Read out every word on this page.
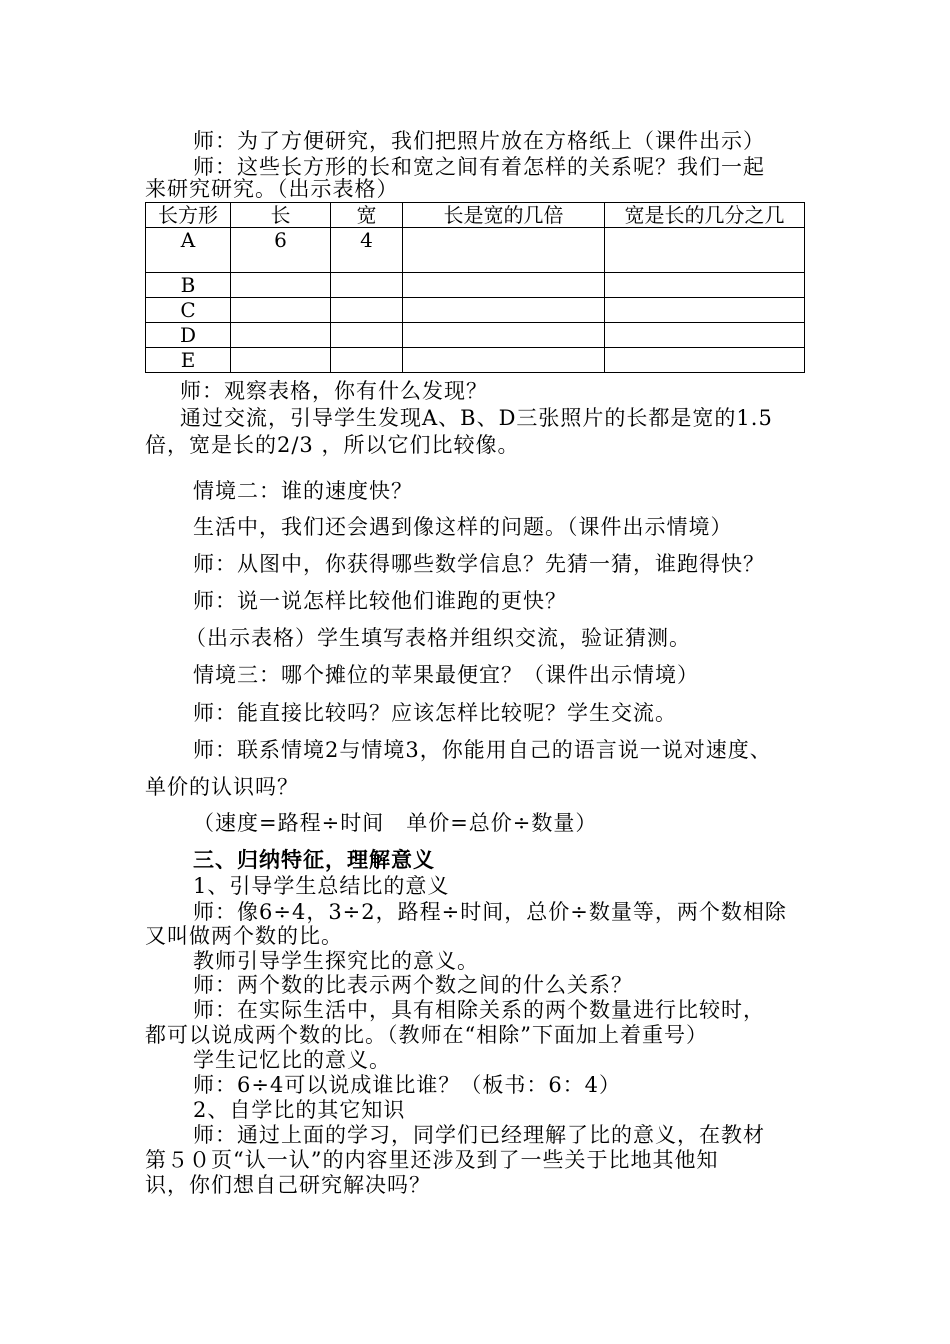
师：为了方便研究，我们把照片放在方格纸上（课件出示）
师：这些长方形的长和宽之间有着怎样的关系呢？我们一起
来研究研究。（出示表格）
长方形	长	宽	长是宽的几倍	宽是长的几分之几
A	6	4		
B				
C				
D				
E				
师：观察表格，你有什么发现？
通过交流，引导学生发现A、B、D三张照片的长都是宽的1.5
倍，宽是长的2/3 ，所以它们比较像。
情境二：谁的速度快？
生活中，我们还会遇到像这样的问题。（课件出示情境）
师：从图中，你获得哪些数学信息？先猜一猜，谁跑得快？
师：说一说怎样比较他们谁跑的更快？
（出示表格）学生填写表格并组织交流，验证猜测。
情境三：哪个摊位的苹果最便宜？（课件出示情境）
师：能直接比较吗？应该怎样比较呢？学生交流。
师：联系情境2与情境3，你能用自己的语言说一说对速度、
单价的认识吗？
（速度=路程÷时间　单价=总价÷数量）
三、归纳特征，理解意义
1、引导学生总结比的意义
师：像6÷4，3÷2，路程÷时间，总价÷数量等，两个数相除
又叫做两个数的比。
教师引导学生探究比的意义。
师：两个数的比表示两个数之间的什么关系？
师：在实际生活中，具有相除关系的两个数量进行比较时，
都可以说成两个数的比。（教师在“相除”下面加上着重号）
学生记忆比的意义。
师：6÷4可以说成谁比谁？（板书：6：4）
2、自学比的其它知识
师：通过上面的学习，同学们已经理解了比的意义，在教材
第５０页“认一认”的内容里还涉及到了一些关于比地其他知
识，你们想自己研究解决吗？
